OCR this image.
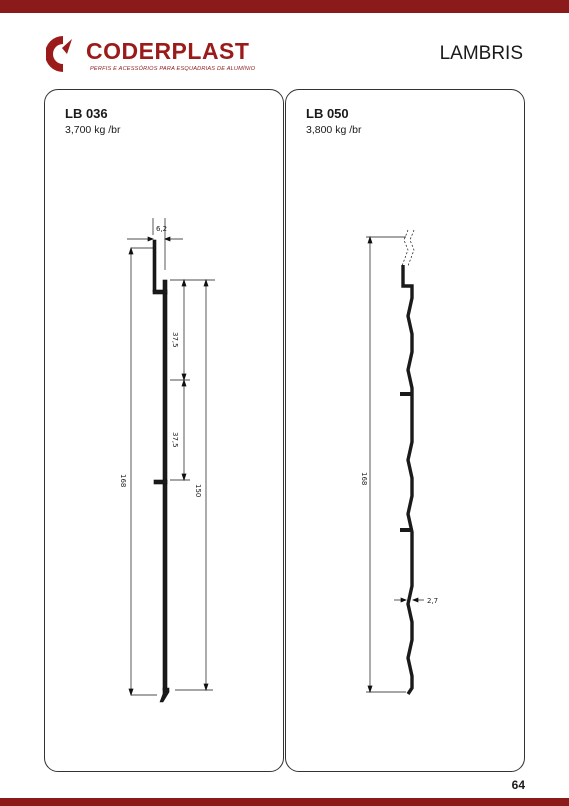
CODERPLAST
PERFIS E ACESSÓRIOS PARA ESQUADRIAS DE ALUMÍNIO
LAMBRIS
LB 036
3,700 kg /br
6,2
37,5
37,5
168
150
LB 050
3,800 kg /br
168
2,7
64
